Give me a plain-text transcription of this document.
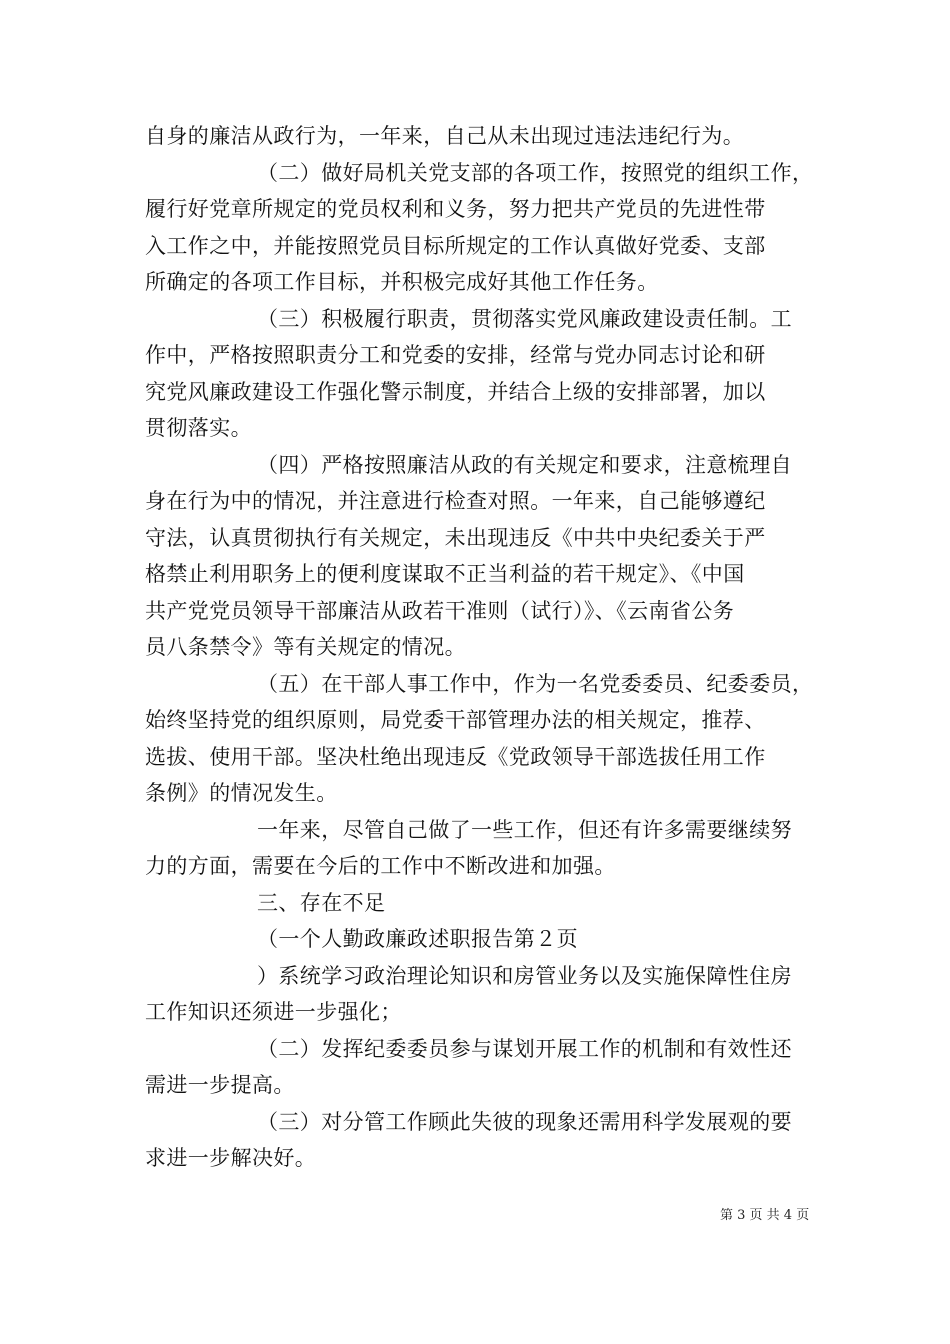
自身的廉洁从政行为，一年来，自己从未出现过违法违纪行为。
（二）做好局机关党支部的各项工作，按照党的组织工作，
履行好党章所规定的党员权利和义务，努力把共产党员的先进性带
入工作之中，并能按照党员目标所规定的工作认真做好党委、支部
所确定的各项工作目标，并积极完成好其他工作任务。
（三）积极履行职责，贯彻落实党风廉政建设责任制。工
作中，严格按照职责分工和党委的安排，经常与党办同志讨论和研
究党风廉政建设工作强化警示制度，并结合上级的安排部署，加以
贯彻落实。
（四）严格按照廉洁从政的有关规定和要求，注意梳理自
身在行为中的情况，并注意进行检查对照。一年来，自己能够遵纪
守法，认真贯彻执行有关规定，未出现违反《中共中央纪委关于严
格禁止利用职务上的便利度谋取不正当利益的若干规定》、《中国
共产党党员领导干部廉洁从政若干准则（试行）》、《云南省公务
员八条禁令》等有关规定的情况。
（五）在干部人事工作中，作为一名党委委员、纪委委员，
始终坚持党的组织原则，局党委干部管理办法的相关规定，推荐、
选拔、使用干部。坚决杜绝出现违反《党政领导干部选拔任用工作
条例》的情况发生。
一年来，尽管自己做了一些工作，但还有许多需要继续努
力的方面，需要在今后的工作中不断改进和加强。
三、存在不足
（一个人勤政廉政述职报告第２页
）系统学习政治理论知识和房管业务以及实施保障性住房
工作知识还须进一步强化；
（二）发挥纪委委员参与谋划开展工作的机制和有效性还
需进一步提高。
（三）对分管工作顾此失彼的现象还需用科学发展观的要
求进一步解决好。
第 3 页 共 4 页
